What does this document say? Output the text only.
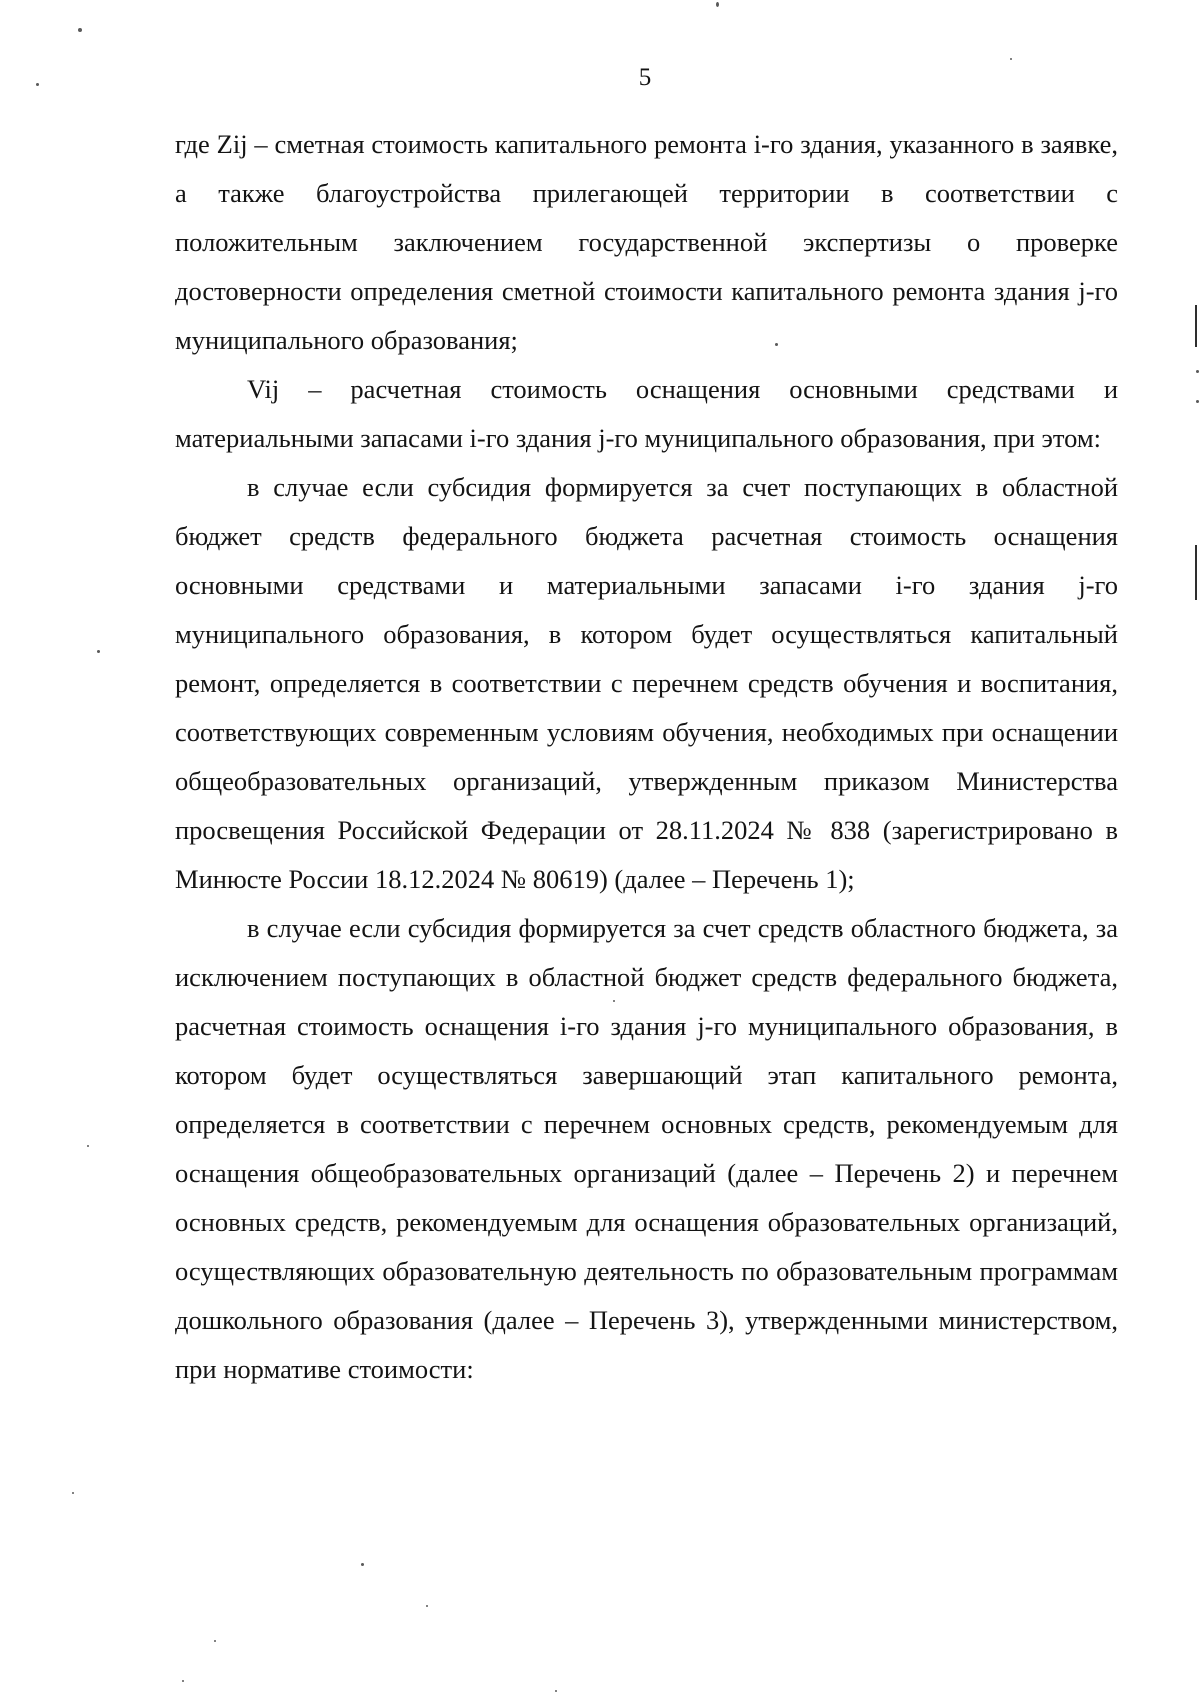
5

где Zij – сметная стоимость капитального ремонта i-го здания, указанного в заявке, а также благоустройства прилегающей территории в соответствии с положительным заключением государственной экспертизы о проверке достоверности определения сметной стоимости капитального ремонта здания j-го муниципального образования;

Vij – расчетная стоимость оснащения основными средствами и материальными запасами i-го здания j-го муниципального образования, при этом:

в случае если субсидия формируется за счет поступающих в областной бюджет средств федерального бюджета расчетная стоимость оснащения основными средствами и материальными запасами i-го здания j-го муниципального образования, в котором будет осуществляться капитальный ремонт, определяется в соответствии с перечнем средств обучения и воспитания, соответствующих современным условиям обучения, необходимых при оснащении общеобразовательных организаций, утвержденным приказом Министерства просвещения Российской Федерации от 28.11.2024 № 838 (зарегистрировано в Минюсте России 18.12.2024 № 80619) (далее – Перечень 1);

в случае если субсидия формируется за счет средств областного бюджета, за исключением поступающих в областной бюджет средств федерального бюджета, расчетная стоимость оснащения i-го здания j-го муниципального образования, в котором будет осуществляться завершающий этап капитального ремонта, определяется в соответствии с перечнем основных средств, рекомендуемым для оснащения общеобразовательных организаций (далее – Перечень 2) и перечнем основных средств, рекомендуемым для оснащения образовательных организаций, осуществляющих образовательную деятельность по образовательным программам дошкольного образования (далее – Перечень 3), утвержденными министерством, при нормативе стоимости:
